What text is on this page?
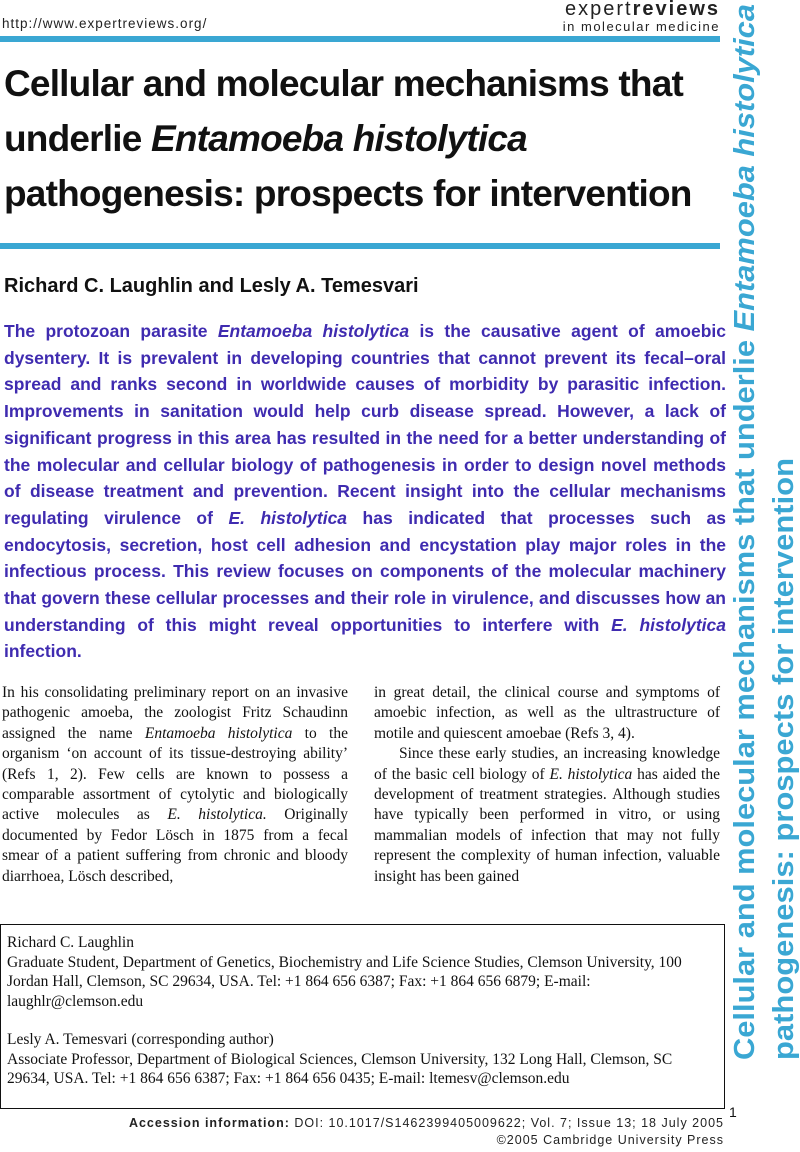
http://www.expertreviews.org/
expertreviews
in molecular medicine
Cellular and molecular mechanisms that
underlie Entamoeba histolytica
pathogenesis: prospects for intervention
Richard C. Laughlin and Lesly A. Temesvari

The protozoan parasite Entamoeba histolytica is the causative agent of amoebic dysentery. It is prevalent in developing countries that cannot prevent its fecal–oral spread and ranks second in worldwide causes of morbidity by parasitic infection. Improvements in sanitation would help curb disease spread. However, a lack of significant progress in this area has resulted in the need for a better understanding of the molecular and cellular biology of pathogenesis in order to design novel methods of disease treatment and prevention. Recent insight into the cellular mechanisms regulating virulence of E. histolytica has indicated that processes such as endocytosis, secretion, host cell adhesion and encystation play major roles in the infectious process. This review focuses on components of the molecular machinery that govern these cellular processes and their role in virulence, and discusses how an understanding of this might reveal opportunities to interfere with E. histolytica infection.

In his consolidating preliminary report on an invasive pathogenic amoeba, the zoologist Fritz Schaudinn assigned the name Entamoeba histolytica to the organism ‘on account of its tissue-destroying ability’ (Refs 1, 2). Few cells are known to possess a comparable assortment of cytolytic and biologically active molecules as E. histolytica. Originally documented by Fedor Lösch in 1875 from a fecal smear of a patient suffering from chronic and bloody diarrhoea, Lösch described,

in great detail, the clinical course and symptoms of amoebic infection, as well as the ultrastructure of motile and quiescent amoebae (Refs 3, 4).

Since these early studies, an increasing knowledge of the basic cell biology of E. histolytica has aided the development of treatment strategies. Although studies have typically been performed in vitro, or using mammalian models of infection that may not fully represent the complexity of human infection, valuable insight has been gained

Richard C. Laughlin
Graduate Student, Department of Genetics, Biochemistry and Life Science Studies, Clemson University, 100 Jordan Hall, Clemson, SC 29634, USA. Tel: +1 864 656 6387; Fax: +1 864 656 6879; E-mail: laughlr@clemson.edu
Lesly A. Temesvari (corresponding author)
Associate Professor, Department of Biological Sciences, Clemson University, 132 Long Hall, Clemson, SC 29634, USA. Tel: +1 864 656 6387; Fax: +1 864 656 0435; E-mail: ltemesv@clemson.edu
1
Accession information: DOI: 10.1017/S1462399405009622; Vol. 7; Issue 13; 18 July 2005
©2005 Cambridge University Press
Cellular and molecular mechanisms that underlie Entamoeba histolytica
pathogenesis: prospects for intervention
